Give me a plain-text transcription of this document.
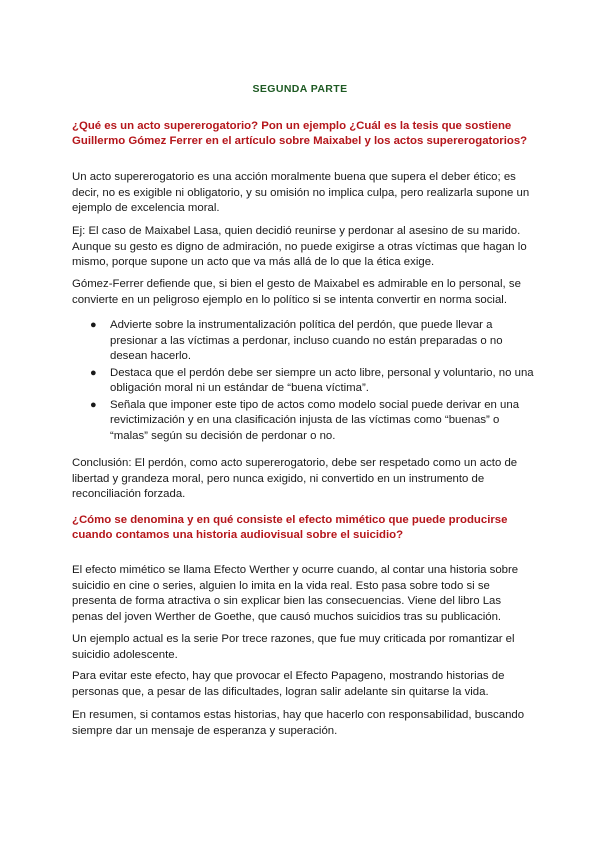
SEGUNDA PARTE

¿Qué es un acto supererogatorio? Pon un ejemplo ¿Cuál es la tesis que sostiene Guillermo Gómez Ferrer en el artículo sobre Maixabel y los actos supererogatorios?

Un acto supererogatorio es una acción moralmente buena que supera el deber ético; es decir, no es exigible ni obligatorio, y su omisión no implica culpa, pero realizarla supone un ejemplo de excelencia moral.

Ej: El caso de Maixabel Lasa, quien decidió reunirse y perdonar al asesino de su marido. Aunque su gesto es digno de admiración, no puede exigirse a otras víctimas que hagan lo mismo, porque supone un acto que va más allá de lo que la ética exige.

Gómez-Ferrer defiende que, si bien el gesto de Maixabel es admirable en lo personal, se convierte en un peligroso ejemplo en lo político si se intenta convertir en norma social.

● Advierte sobre la instrumentalización política del perdón, que puede llevar a presionar a las víctimas a perdonar, incluso cuando no están preparadas o no desean hacerlo.
● Destaca que el perdón debe ser siempre un acto libre, personal y voluntario, no una obligación moral ni un estándar de “buena víctima”.
● Señala que imponer este tipo de actos como modelo social puede derivar en una revictimización y en una clasificación injusta de las víctimas como “buenas” o “malas” según su decisión de perdonar o no.

Conclusión: El perdón, como acto supererogatorio, debe ser respetado como un acto de libertad y grandeza moral, pero nunca exigido, ni convertido en un instrumento de reconciliación forzada.

¿Cómo se denomina y en qué consiste el efecto mimético que puede producirse cuando contamos una historia audiovisual sobre el suicidio?

El efecto mimético se llama Efecto Werther y ocurre cuando, al contar una historia sobre suicidio en cine o series, alguien lo imita en la vida real. Esto pasa sobre todo si se presenta de forma atractiva o sin explicar bien las consecuencias. Viene del libro Las penas del joven Werther de Goethe, que causó muchos suicidios tras su publicación.

Un ejemplo actual es la serie Por trece razones, que fue muy criticada por romantizar el suicidio adolescente.

Para evitar este efecto, hay que provocar el Efecto Papageno, mostrando historias de personas que, a pesar de las dificultades, logran salir adelante sin quitarse la vida.

En resumen, si contamos estas historias, hay que hacerlo con responsabilidad, buscando siempre dar un mensaje de esperanza y superación.
